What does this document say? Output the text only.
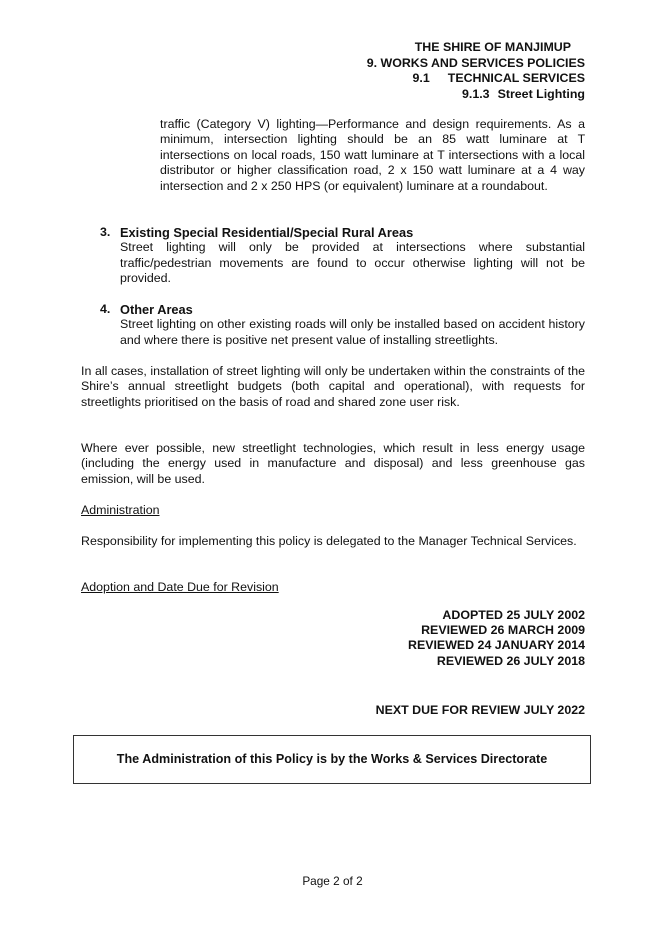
THE SHIRE OF MANJIMUP
9. WORKS AND SERVICES POLICIES
9.1 TECHNICAL SERVICES
9.1.3 Street Lighting
traffic (Category V) lighting—Performance and design requirements. As a minimum, intersection lighting should be an 85 watt luminare at T intersections on local roads, 150 watt luminare at T intersections with a local distributor or higher classification road, 2 x 150 watt luminare at a 4 way intersection and 2 x 250 HPS (or equivalent) luminare at a roundabout.
3. Existing Special Residential/Special Rural Areas
Street lighting will only be provided at intersections where substantial traffic/pedestrian movements are found to occur otherwise lighting will not be provided.
4. Other Areas
Street lighting on other existing roads will only be installed based on accident history and where there is positive net present value of installing streetlights.
In all cases, installation of street lighting will only be undertaken within the constraints of the Shire’s annual streetlight budgets (both capital and operational), with requests for streetlights prioritised on the basis of road and shared zone user risk.
Where ever possible, new streetlight technologies, which result in less energy usage (including the energy used in manufacture and disposal) and less greenhouse gas emission, will be used.
Administration
Responsibility for implementing this policy is delegated to the Manager Technical Services.
Adoption and Date Due for Revision
ADOPTED 25 JULY 2002
REVIEWED 26 MARCH 2009
REVIEWED 24 JANUARY 2014
REVIEWED 26 JULY 2018
NEXT DUE FOR REVIEW JULY 2022
The Administration of this Policy is by the Works & Services Directorate
Page 2 of 2
